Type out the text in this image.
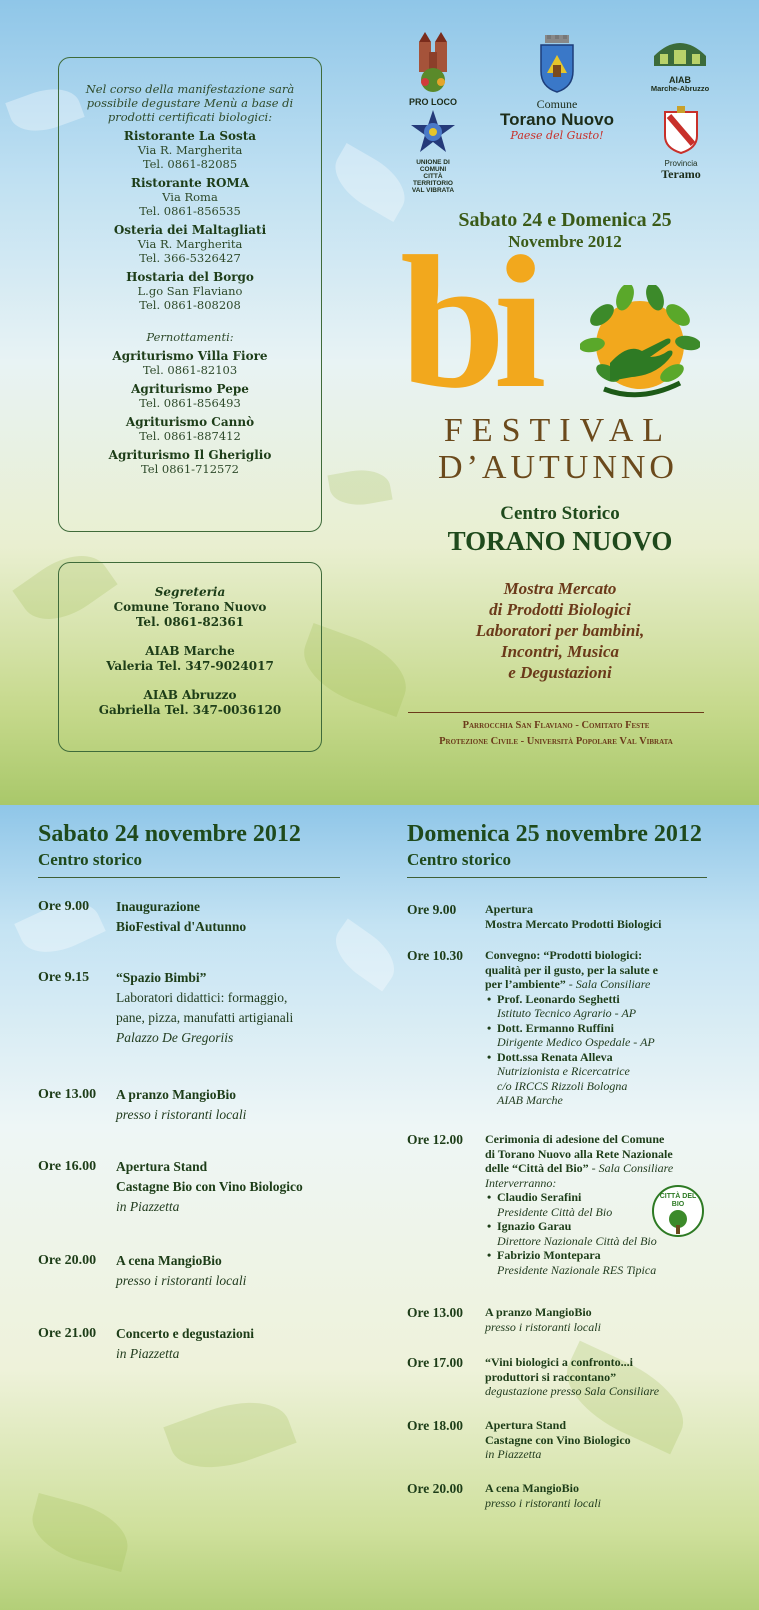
Nel corso della manifestazione sarà possibile degustare Menù a base di prodotti certificati biologici:
Ristorante La Sosta
Via R. Margherita
Tel. 0861-82085
Ristorante ROMA
Via Roma
Tel. 0861-856535
Osteria dei Maltagliati
Via R. Margherita
Tel. 366-5326427
Hostaria del Borgo
L.go San Flaviano
Tel. 0861-808208
Pernottamenti:
Agriturismo Villa Fiore
Tel. 0861-82103
Agriturismo Pepe
Tel. 0861-856493
Agriturismo Cannò
Tel. 0861-887412
Agriturismo Il Gheriglio
Tel 0861-712572
Segreteria
Comune Torano Nuovo
Tel. 0861-82361
AIAB Marche
Valeria Tel. 347-9024017
AIAB Abruzzo
Gabriella Tel. 347-0036120
PRO LOCO
UNIONE DI COMUNI
CITTÀ TERRITORIO
VAL VIBRATA
Comune
Torano Nuovo
Paese del Gusto!
AIAB
Marche-Abruzzo
Provincia
Teramo
Sabato 24 e Domenica 25
Novembre 2012
bi
FESTIVAL
D’AUTUNNO
Centro Storico
TORANO NUOVO
Mostra Mercato
di Prodotti Biologici
Laboratori per bambini,
Incontri, Musica
e Degustazioni
Parrocchia San Flaviano - Comitato Feste
Protezione Civile - Università Popolare Val Vibrata
Sabato 24 novembre 2012
Centro storico
Ore 9.00 Inaugurazione
BioFestival d'Autunno
Ore 9.15 “Spazio Bimbi”
Laboratori didattici: formaggio,
pane, pizza, manufatti artigianali
Palazzo De Gregoriis
Ore 13.00 A pranzo MangioBio
presso i ristoranti locali
Ore 16.00 Apertura Stand
Castagne Bio con Vino Biologico
in Piazzetta
Ore 20.00 A cena MangioBio
presso i ristoranti locali
Ore 21.00 Concerto e degustazioni
in Piazzetta
Domenica 25 novembre 2012
Centro storico
Ore 9.00 Apertura
Mostra Mercato Prodotti Biologici
Ore 10.30 Convegno: “Prodotti biologici:
qualità per il gusto, per la salute e
per l’ambiente” - Sala Consiliare
• Prof. Leonardo Seghetti
Istituto Tecnico Agrario - AP
• Dott. Ermanno Ruffini
Dirigente Medico Ospedale - AP
• Dott.ssa Renata Alleva
Nutrizionista e Ricercatrice
c/o IRCCS Rizzoli Bologna
AIAB Marche
Ore 12.00 Cerimonia di adesione del Comune
di Torano Nuovo alla Rete Nazionale
delle “Città del Bio” - Sala Consiliare
Interverranno:
• Claudio Serafini
Presidente Città del Bio
• Ignazio Garau
Direttore Nazionale Città del Bio
• Fabrizio Montepara
Presidente Nazionale RES Tipica
CITTÀ DEL BIO
Ore 13.00 A pranzo MangioBio
presso i ristoranti locali
Ore 17.00 “Vini biologici a confronto...i
produttori si raccontano”
degustazione presso Sala Consiliare
Ore 18.00 Apertura Stand
Castagne con Vino Biologico
in Piazzetta
Ore 20.00 A cena MangioBio
presso i ristoranti locali
